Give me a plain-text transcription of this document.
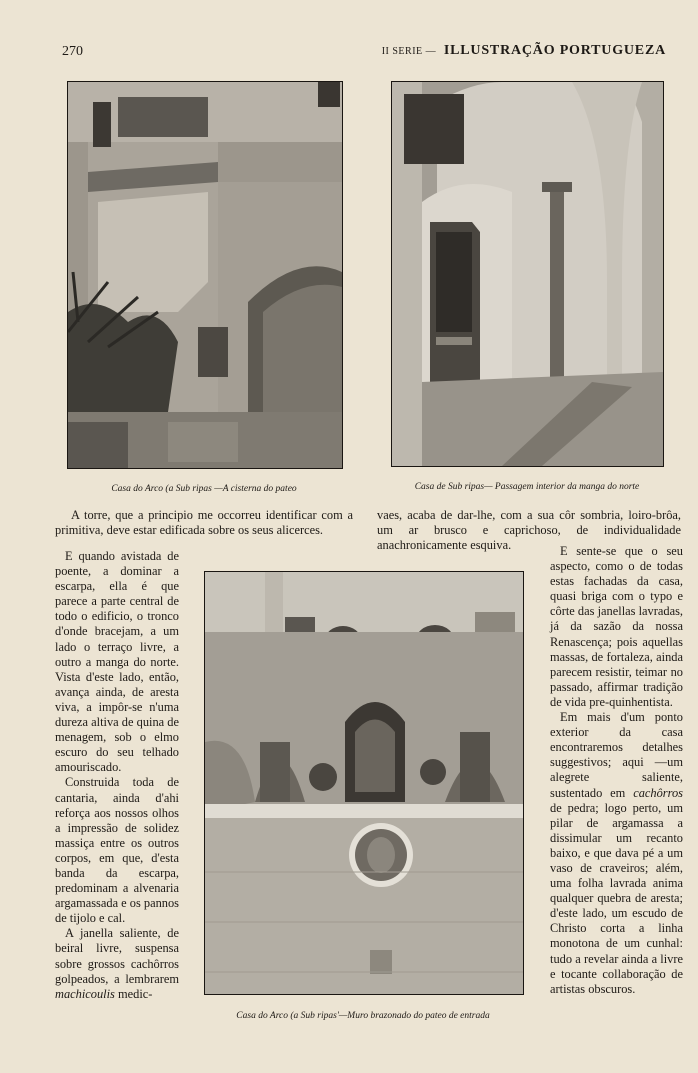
270	II SERIE — ILLUSTRAÇÃO PORTUGUEZA
Casa do Arco (a Sub ripas —A cisterna do pateo	Casa de Sub ripas— Passagem interior da manga do norte

A torre, que a principio me occorreu identificar com a primitiva, deve estar edificada sobre os seus alicerces.

E quando avistada de poente, a dominar a escarpa, ella é que parece a parte central de todo o edificio, o tronco d'onde bracejam, a um lado o terraço livre, a outro a manga do norte. Vista d'este lado, então, avança ainda, de aresta viva, a impôr-se n'uma dureza altiva de quina de menagem, sob o elmo escuro do seu telhado amouriscado.

Construida toda de cantaria, ainda d'ahi reforça aos nossos olhos a impressão de solidez massiça entre os outros corpos, em que, d'esta banda da escarpa, predominam a alvenaria argamassada e os pannos de tijolo e cal.

A janella saliente, de beiral livre, suspensa sobre grossos cachôrros golpeados, a lembrarem machicoulis medic-

vaes, acaba de dar-lhe, com a sua côr sombria, loiro-brôa, um ar brusco e caprichoso, de individualidade anachronicamente esquiva.

Casa do Arco (a Sub ripas'—Muro brazonado do pateo de entrada

E sente-se que o seu aspecto, como o de todas estas fachadas da casa, quasi briga com o typo e côrte das janellas lavradas, já da sazão da nossa Renascença; pois aquellas massas, de fortaleza, ainda parecem resistir, teimar no passado, affirmar tradição de vida pre-quinhentista.

Em mais d'um ponto exterior da casa encontraremos detalhes suggestivos; aqui —um alegrete saliente, sustentado em cachôrros de pedra; logo perto, um pilar de argamassa a dissimular um recanto baixo, e que dava pé a um vaso de craveiros; além, uma folha lavrada anima qualquer quebra de aresta; d'este lado, um escudo de Christo corta a linha monotona de um cunhal: tudo a revelar ainda a livre e tocante collaboração de artistas obscuros.
